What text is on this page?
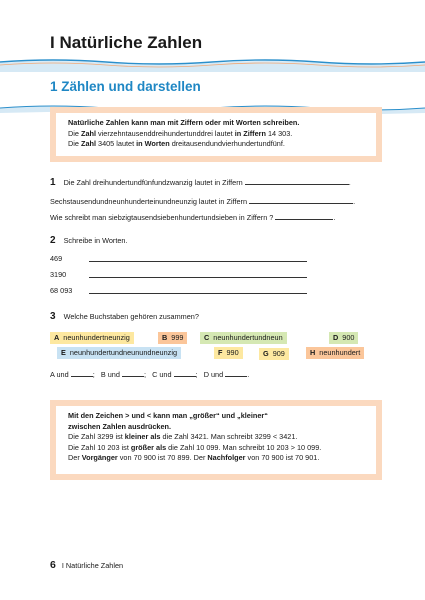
I Natürliche Zahlen
1 Zählen und darstellen
Natürliche Zahlen kann man mit Ziffern oder mit Worten schreiben.
Die Zahl vierzehntausenddreihundertunddrei lautet in Ziffern 14 303.
Die Zahl 3405 lautet in Worten dreitausendundvierhundertundfünf.
1 Die Zahl dreihundertundfünfundzwanzig lautet in Ziffern	.
Sechstausendundneunhunderteinundneunzig lautet in Ziffern	.
Wie schreibt man siebzigtausendsiebenhundertundsieben in Ziffern ?	.
2 Schreibe in Worten.
469
3190
68 093
3 Welche Buchstaben gehören zusammen?
A neunhundertneunzig	B 999	C neunhundertundneun	D 900
E neunhundertundneunundneunzig	F 990	G 909	H neunhundert
A und	; B und	; C und	; D und	.
Mit den Zeichen > und < kann man „größer“ und „kleiner“
zwischen Zahlen ausdrücken.
Die Zahl 3299 ist kleiner als die Zahl 3421. Man schreibt 3299 < 3421.
Die Zahl 10 203 ist größer als die Zahl 10 099. Man schreibt 10 203 > 10 099.
Der Vorgänger von 70 900 ist 70 899. Der Nachfolger von 70 900 ist 70 901.
6 I Natürliche Zahlen
